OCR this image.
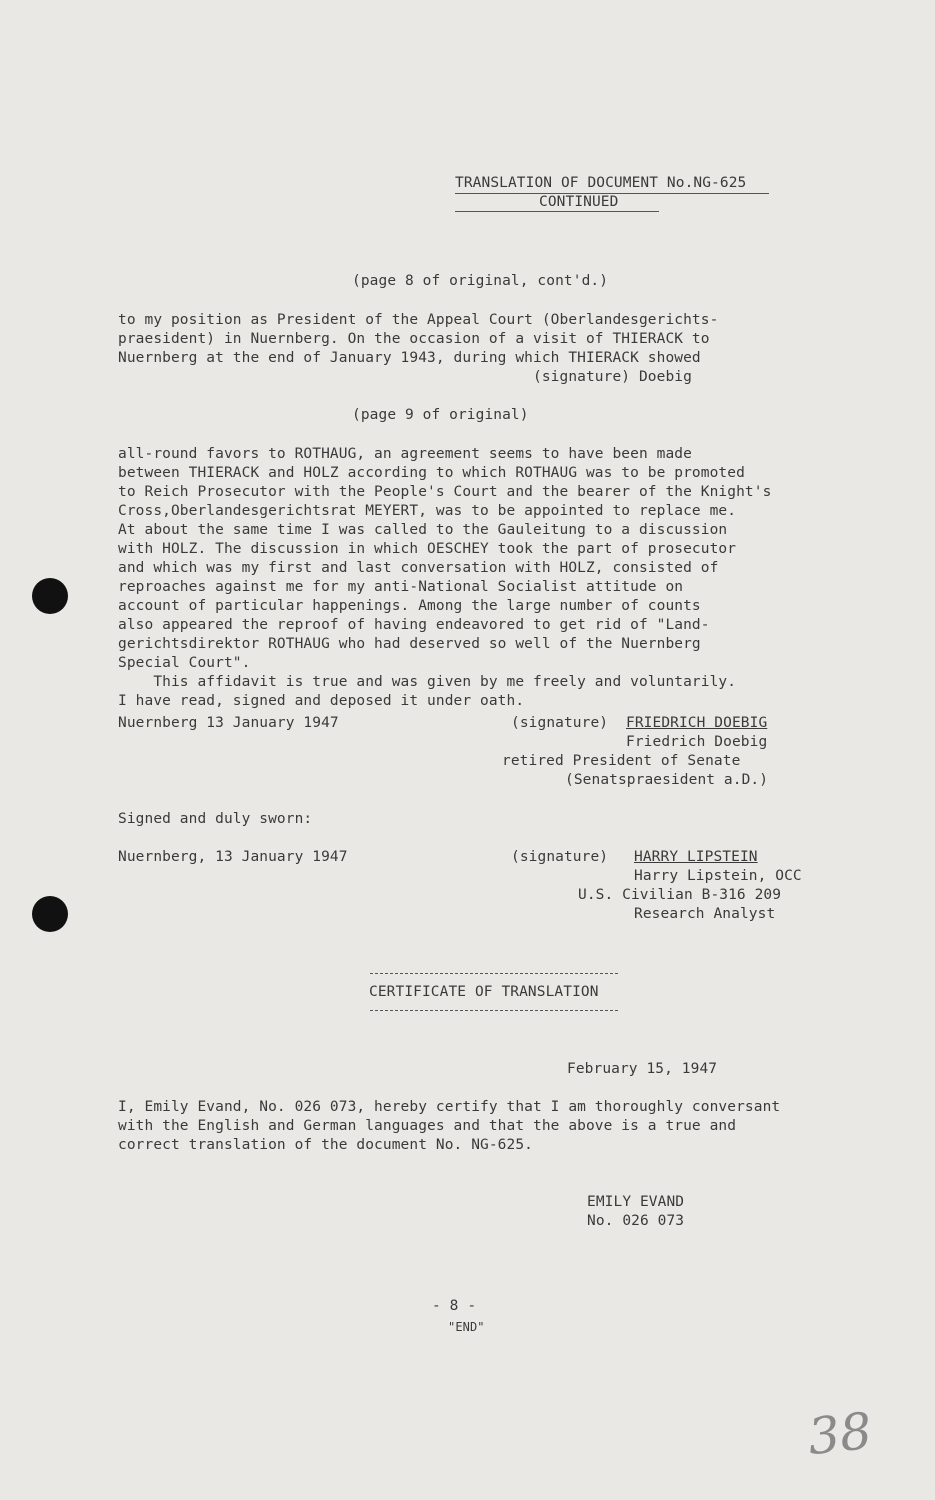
TRANSLATION OF DOCUMENT No.NG-625
CONTINUED
(page 8 of original, cont'd.)
to my position as President of the Appeal Court (Oberlandesgerichts-
praesident) in Nuernberg. On the occasion of a visit of THIERACK to
Nuernberg at the end of January 1943, during which THIERACK showed
(signature) Doebig
(page 9 of original)
all-round favors to ROTHAUG, an agreement seems to have been made
between THIERACK and HOLZ according to which ROTHAUG was to be promoted
to Reich Prosecutor with the People's Court and the bearer of the Knight's
Cross,Oberlandesgerichtsrat MEYERT, was to be appointed to replace me.
At about the same time I was called to the Gauleitung to a discussion
with HOLZ. The discussion in which OESCHEY took the part of prosecutor
and which was my first and last conversation with HOLZ, consisted of
reproaches against me for my anti-National Socialist attitude on
account of particular happenings. Among the large number of counts
also appeared the reproof of having endeavored to get rid of "Land-
gerichtsdirektor ROTHAUG who had deserved so well of the Nuernberg
Special Court".
This affidavit is true and was given by me freely and voluntarily.
I have read, signed and deposed it under oath.
Nuernberg 13 January 1947	(signature) FRIEDRICH DOEBIG
Friedrich Doebig
retired President of Senate
(Senatspraesident a.D.)
Signed and duly sworn:
Nuernberg, 13 January 1947	(signature) HARRY LIPSTEIN
Harry Lipstein, OCC
U.S. Civilian B-316 209
Research Analyst
CERTIFICATE OF TRANSLATION
February 15, 1947
I, Emily Evand, No. 026 073, hereby certify that I am thoroughly conversant
with the English and German languages and that the above is a true and
correct translation of the document No. NG-625.
EMILY EVAND
No. 026 073
- 8 -
"END"
38
